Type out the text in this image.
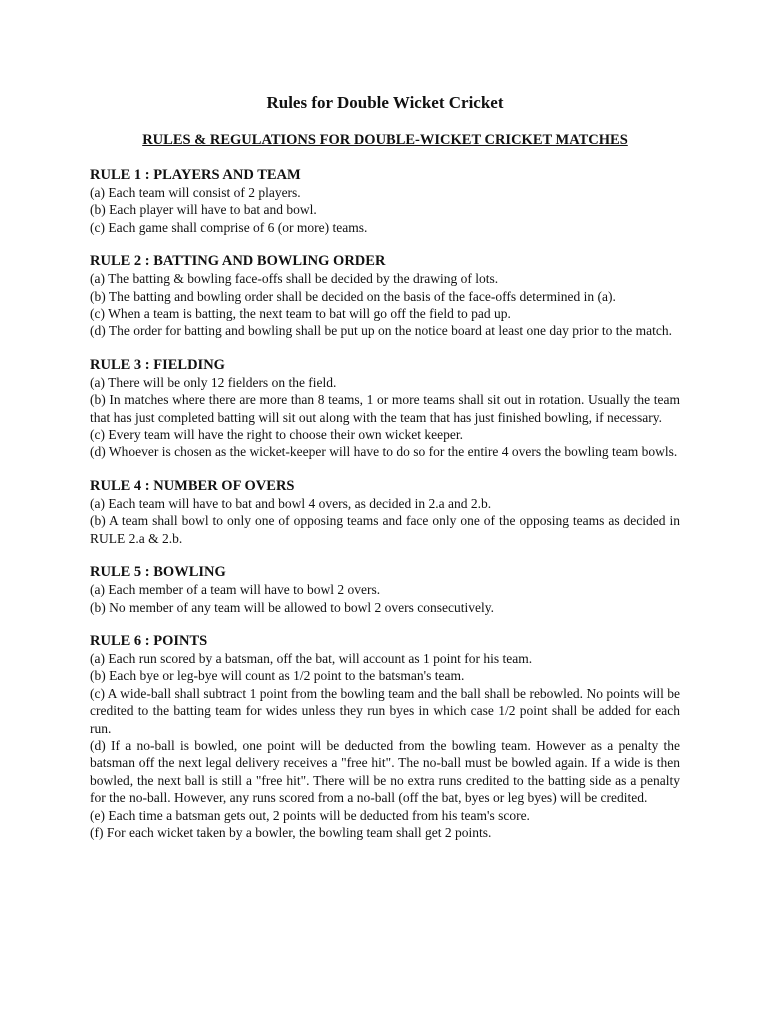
Rules for Double Wicket Cricket
RULES & REGULATIONS FOR DOUBLE-WICKET CRICKET MATCHES
RULE 1 : PLAYERS AND TEAM
(a) Each team will consist of 2 players.
(b) Each player will have to bat and bowl.
(c) Each game shall comprise of 6 (or more) teams.
RULE 2 : BATTING AND BOWLING ORDER
(a) The batting & bowling face-offs shall be decided by the drawing of lots.
(b) The batting and bowling order shall be decided on the basis of the face-offs determined in (a).
(c) When a team is batting, the next team to bat will go off the field to pad up.
(d) The order for batting and bowling shall be put up on the notice board at least one day prior to the match.
RULE 3 : FIELDING
(a) There will be only 12 fielders on the field.
(b) In matches where there are more than 8 teams, 1 or more teams shall sit out in rotation. Usually the team that has just completed batting will sit out along with the team that has just finished bowling, if necessary.
(c) Every team will have the right to choose their own wicket keeper.
(d) Whoever is chosen as the wicket-keeper will have to do so for the entire 4 overs the bowling team bowls.
RULE 4 : NUMBER OF OVERS
(a) Each team will have to bat and bowl 4 overs, as decided in 2.a and 2.b.
(b) A team shall bowl to only one of opposing teams and face only one of the opposing teams as decided in RULE 2.a & 2.b.
RULE 5 : BOWLING
(a) Each member of a team will have to bowl 2 overs.
(b) No member of any team will be allowed to bowl 2 overs consecutively.
RULE 6 : POINTS
(a) Each run scored by a batsman, off the bat, will account as 1 point for his team.
(b) Each bye or leg-bye will count as 1/2 point to the batsman's team.
(c) A wide-ball shall subtract 1 point from the bowling team and the ball shall be rebowled. No points will be credited to the batting team for wides unless they run byes in which case 1/2 point shall be added for each run.
(d) If a no-ball is bowled, one point will be deducted from the bowling team. However as a penalty the batsman off the next legal delivery receives a "free hit". The no-ball must be bowled again. If a wide is then bowled, the next ball is still a "free hit". There will be no extra runs credited to the batting side as a penalty for the no-ball. However, any runs scored from a no-ball (off the bat, byes or leg byes) will be credited.
(e) Each time a batsman gets out, 2 points will be deducted from his team's score.
(f) For each wicket taken by a bowler, the bowling team shall get 2 points.
